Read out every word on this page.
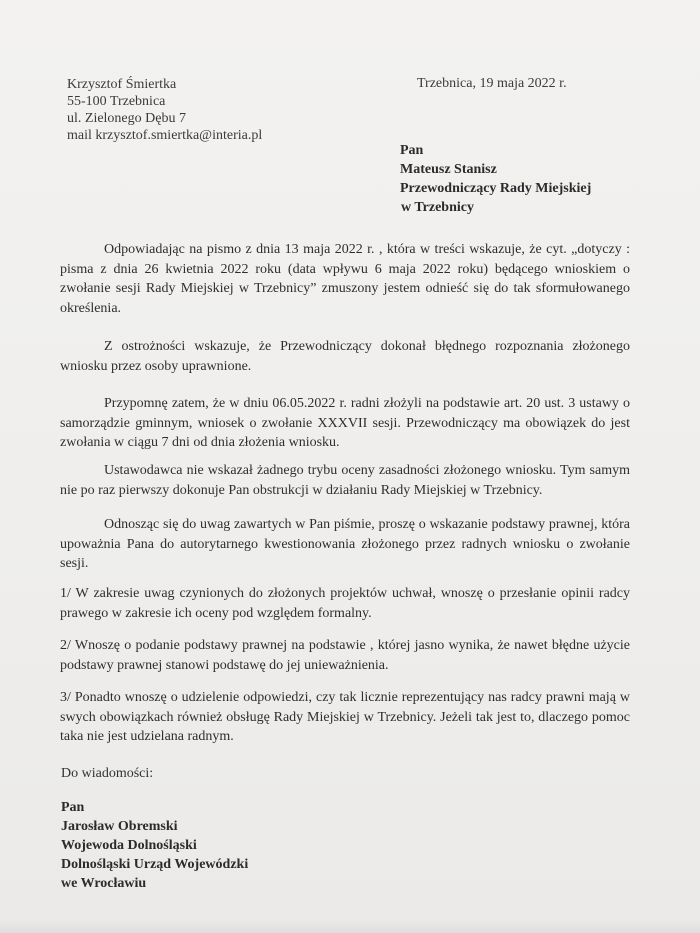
Krzysztof Śmiertka
55-100 Trzebnica
ul. Zielonego Dębu 7
mail krzysztof.smiertka@interia.pl
Trzebnica, 19 maja 2022 r.
Pan
Mateusz Stanisz
Przewodniczący Rady Miejskiej
w Trzebnicy

Odpowiadając na pismo z dnia 13 maja 2022 r. , która w treści wskazuje, że cyt. „dotyczy : pisma z dnia 26 kwietnia 2022 roku (data wpływu 6 maja 2022 roku) będącego wnioskiem o zwołanie sesji Rady Miejskiej w Trzebnicy” zmuszony jestem odnieść się do tak sformułowanego określenia.

Z ostrożności wskazuje, że Przewodniczący dokonał błędnego rozpoznania złożonego wniosku przez osoby uprawnione.

Przypomnę zatem, że w dniu 06.05.2022 r. radni złożyli na podstawie art. 20 ust. 3 ustawy o samorządzie gminnym, wniosek o zwołanie XXXVII sesji. Przewodniczący ma obowiązek do jest zwołania w ciągu 7 dni od dnia złożenia wniosku.

Ustawodawca nie wskazał żadnego trybu oceny zasadności złożonego wniosku. Tym samym nie po raz pierwszy dokonuje Pan obstrukcji w działaniu Rady Miejskiej w Trzebnicy.

Odnosząc się do uwag zawartych w Pan piśmie, proszę o wskazanie podstawy prawnej, która upoważnia Pana do autorytarnego kwestionowania złożonego przez radnych wniosku o zwołanie sesji.

1/ W zakresie uwag czynionych do złożonych projektów uchwał, wnoszę o przesłanie opinii radcy prawego w zakresie ich oceny pod względem formalny.

2/ Wnoszę o podanie podstawy prawnej na podstawie , której jasno wynika, że nawet błędne użycie podstawy prawnej stanowi podstawę do jej unieważnienia.

3/ Ponadto wnoszę o udzielenie odpowiedzi, czy tak licznie reprezentujący nas radcy prawni mają w swych obowiązkach również obsługę Rady Miejskiej w Trzebnicy. Jeżeli tak jest to, dlaczego pomoc taka nie jest udzielana radnym.

Do wiadomości:
Pan
Jarosław Obremski
Wojewoda Dolnośląski
Dolnośląski Urząd Wojewódzki
we Wrocławiu
